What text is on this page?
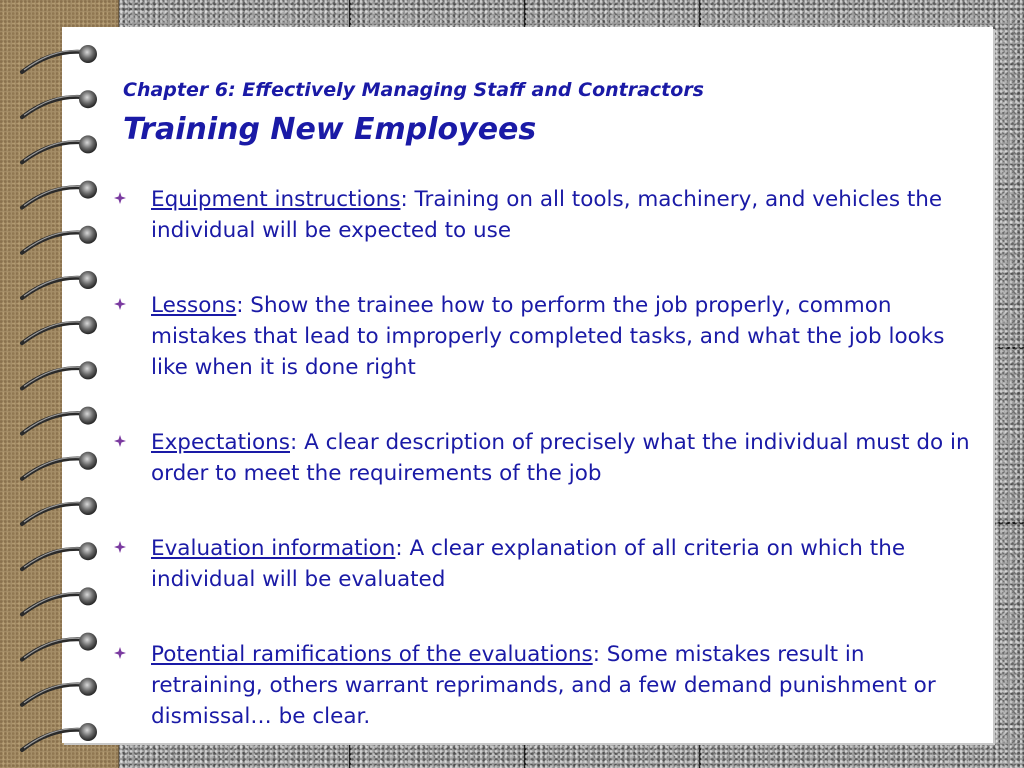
Chapter 6: Effectively Managing Staff and Contractors
Training New Employees
Equipment instructions: Training on all tools, machinery, and vehicles the individual will be expected to use
Lessons: Show the trainee how to perform the job properly, common mistakes that lead to improperly completed tasks, and what the job looks like when it is done right
Expectations: A clear description of precisely what the individual must do in order to meet the requirements of the job
Evaluation information: A clear explanation of all criteria on which the individual will be evaluated
Potential ramifications of the evaluations: Some mistakes result in retraining, others warrant reprimands, and a few demand punishment or dismissal… be clear.
